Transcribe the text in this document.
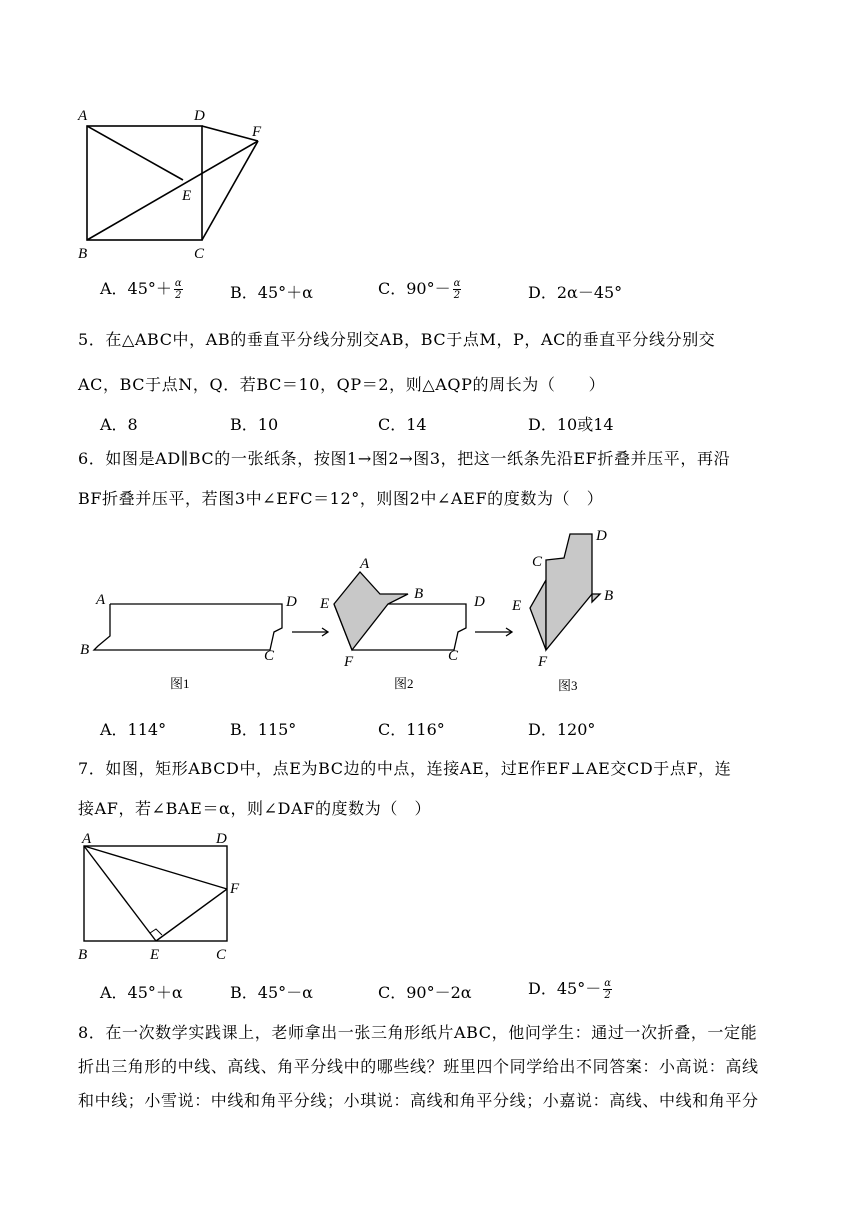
A	D
F
E
B	C
A．$45^\circ+ \frac{\alpha}{2}$	B．45°＋α	C．$90^\circ- \frac{\alpha}{2}$	D．2α－45°
5．在△ABC中，AB的垂直平分线分别交AB，BC于点M，P，AC的垂直平分线分别交
AC，BC于点N，Q．若BC＝10，QP＝2，则△AQP的周长为（　　）
A．8	B．10	C．14	D．10或14
6．如图是AD∥BC的一张纸条，按图1→图2→图3，把这一纸条先沿EF折叠并压平，再沿
BF折叠并压平，若图3中∠EFC＝12°，则图2中∠AEF的度数为（　）
A	D
B	C
A
E
B	D
F	C
C
D
E
B
F
图1	图2	图3
A．114°	B．115°	C．116°	D．120°
7．如图，矩形ABCD中，点E为BC边的中点，连接AE，过E作EF⊥AE交CD于点F，连
接AF，若∠BAE＝α，则∠DAF的度数为（　）
A	D
F
B	E	C
A．45°＋α	B．45°－α	C．90°－2α	D．$45^\circ- \frac{\alpha}{2}$
8．在一次数学实践课上，老师拿出一张三角形纸片ABC，他问学生：通过一次折叠，一定能
折出三角形的中线、高线、角平分线中的哪些线？班里四个同学给出不同答案：小高说：高线
和中线；小雪说：中线和角平分线；小琪说：高线和角平分线；小嘉说：高线、中线和角平分
